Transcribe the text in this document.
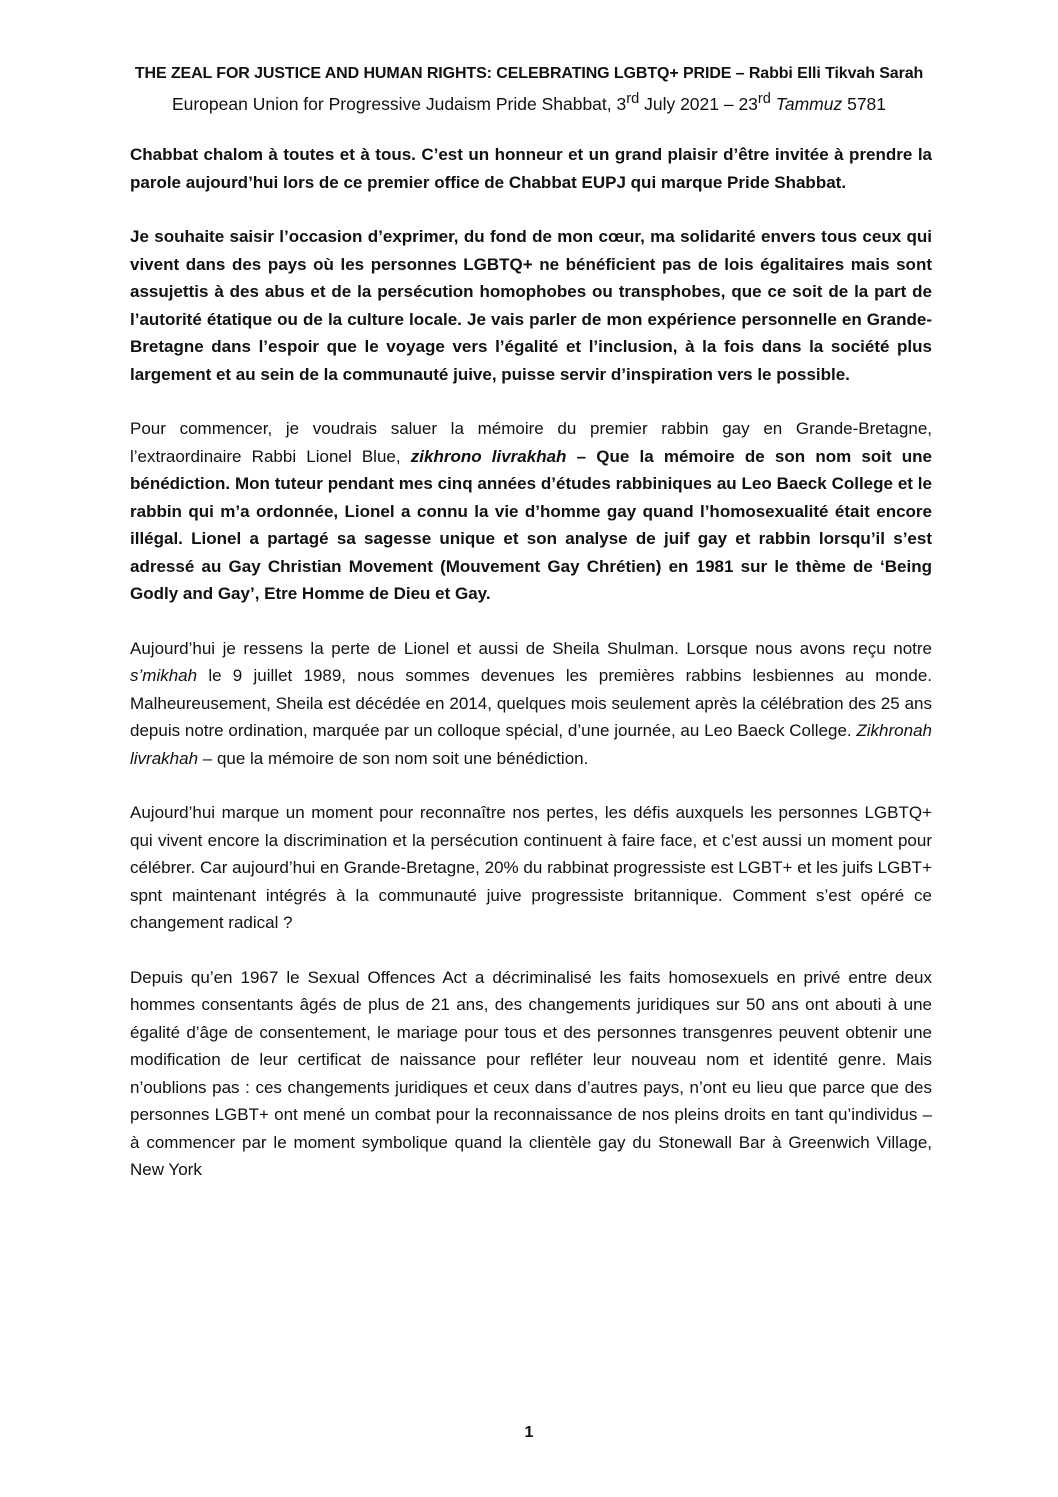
THE ZEAL FOR JUSTICE AND HUMAN RIGHTS: CELEBRATING LGBTQ+ PRIDE – Rabbi Elli Tikvah Sarah
European Union for Progressive Judaism Pride Shabbat, 3rd July 2021 – 23rd Tammuz 5781

Chabbat chalom à toutes et à tous. C’est un honneur et un grand plaisir d’être invitée à prendre la parole aujourd’hui lors de ce premier office de Chabbat EUPJ qui marque Pride Shabbat.

Je souhaite saisir l’occasion d’exprimer, du fond de mon cœur, ma solidarité envers tous ceux qui vivent dans des pays où les personnes LGBTQ+ ne bénéficient pas de lois égalitaires mais sont assujettis à des abus et de la persécution homophobes ou transphobes, que ce soit de la part de l’autorité étatique ou de la culture locale. Je vais parler de mon expérience personnelle en Grande-Bretagne dans l’espoir que le voyage vers l’égalité et l’inclusion, à la fois dans la société plus largement et au sein de la communauté juive, puisse servir d’inspiration vers le possible.

Pour commencer, je voudrais saluer la mémoire du premier rabbin gay en Grande-Bretagne, l’extraordinaire Rabbi Lionel Blue, zikhrono livrakhah – Que la mémoire de son nom soit une bénédiction. Mon tuteur pendant mes cinq années d’études rabbiniques au Leo Baeck College et le rabbin qui m’a ordonnée, Lionel a connu la vie d’homme gay quand l’homosexualité était encore illégal. Lionel a partagé sa sagesse unique et son analyse de juif gay et rabbin lorsqu’il s’est adressé au Gay Christian Movement (Mouvement Gay Chrétien) en 1981 sur le thème de ‘Being Godly and Gay’, Etre Homme de Dieu et Gay.

Aujourd’hui je ressens la perte de Lionel et aussi de Sheila Shulman. Lorsque nous avons reçu notre s’mikhah le 9 juillet 1989, nous sommes devenues les premières rabbins lesbiennes au monde. Malheureusement, Sheila est décédée en 2014, quelques mois seulement après la célébration des 25 ans depuis notre ordination, marquée par un colloque spécial, d’une journée, au Leo Baeck College. Zikhronah livrakhah – que la mémoire de son nom soit une bénédiction.

Aujourd’hui marque un moment pour reconnaître nos pertes, les défis auxquels les personnes LGBTQ+ qui vivent encore la discrimination et la persécution continuent à faire face, et c’est aussi un moment pour célébrer. Car aujourd’hui en Grande-Bretagne, 20% du rabbinat progressiste est LGBT+ et les juifs LGBT+ spnt maintenant intégrés à la communauté juive progressiste britannique. Comment s’est opéré ce changement radical ?

Depuis qu’en 1967 le Sexual Offences Act a décriminalisé les faits homosexuels en privé entre deux hommes consentants âgés de plus de 21 ans, des changements juridiques sur 50 ans ont abouti à une égalité d’âge de consentement, le mariage pour tous et des personnes transgenres peuvent obtenir une modification de leur certificat de naissance pour refléter leur nouveau nom et identité genre. Mais n’oublions pas : ces changements juridiques et ceux dans d’autres pays, n’ont eu lieu que parce que des personnes LGBT+ ont mené un combat pour la reconnaissance de nos pleins droits en tant qu’individus – à commencer par le moment symbolique quand la clientèle gay du Stonewall Bar à Greenwich Village, New York

1
